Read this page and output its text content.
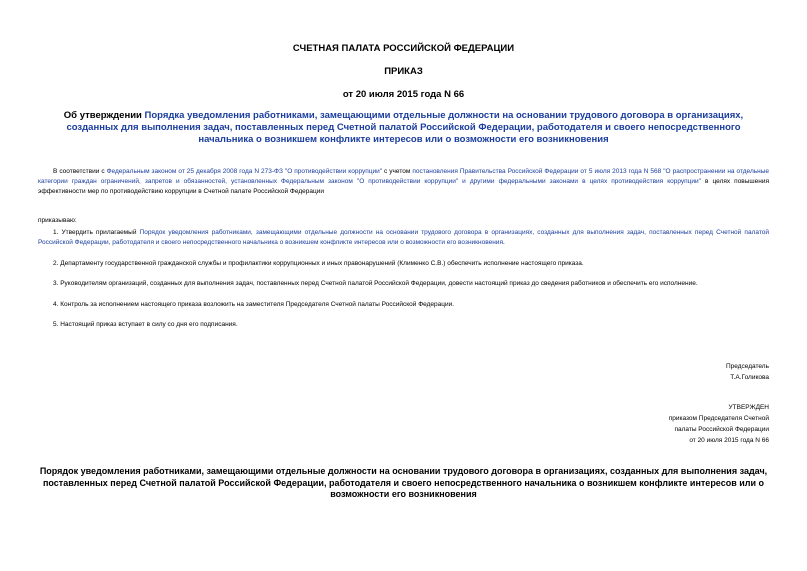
СЧЕТНАЯ ПАЛАТА РОССИЙСКОЙ ФЕДЕРАЦИИ
ПРИКАЗ
от 20 июля 2015 года N 66
Об утверждении Порядка уведомления работниками, замещающими отдельные должности на основании трудового договора в организациях, созданных для выполнения задач, поставленных перед Счетной палатой Российской Федерации, работодателя и своего непосредственного начальника о возникшем конфликте интересов или о возможности его возникновения
В соответствии с Федеральным законом от 25 декабря 2008 года N 273-ФЗ "О противодействии коррупции" с учетом постановления Правительства Российской Федерации от 5 июля 2013 года N 568 "О распространении на отдельные категории граждан ограничений, запретов и обязанностей, установленных Федеральным законом "О противодействии коррупции" и другими федеральными законами в целях противодействия коррупции" в целях повышения эффективности мер по противодействию коррупции в Счетной палате Российской Федерации
приказываю:
1. Утвердить прилагаемый Порядок уведомления работниками, замещающими отдельные должности на основании трудового договора в организациях, созданных для выполнения задач, поставленных перед Счетной палатой Российской Федерации, работодателя и своего непосредственного начальника о возникшем конфликте интересов или о возможности его возникновения.
2. Департаменту государственной гражданской службы и профилактики коррупционных и иных правонарушений (Клименко С.В.) обеспечить исполнение настоящего приказа.
3. Руководителям организаций, созданных для выполнения задач, поставленных перед Счетной палатой Российской Федерации, довести настоящий приказ до сведения работников и обеспечить его исполнение.
4. Контроль за исполнением настоящего приказа возложить на заместителя Председателя Счетной палаты Российской Федерации.
5. Настоящий приказ вступает в силу со дня его подписания.
Председатель
Т.А.Голикова
УТВЕРЖДЕН
приказом Председателя Счетной
палаты Российской Федерации
от 20 июля 2015 года N 66
Порядок уведомления работниками, замещающими отдельные должности на основании трудового договора в организациях, созданных для выполнения задач, поставленных перед Счетной палатой Российской Федерации, работодателя и своего непосредственного начальника о возникшем конфликте интересов или о возможности его возникновения
